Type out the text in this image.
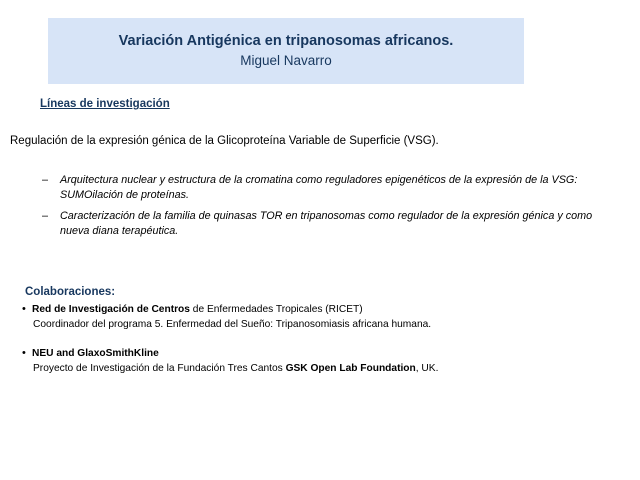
Variación Antigénica en tripanosomas africanos.
Miguel Navarro
Líneas de investigación
Regulación de la expresión génica de la Glicoproteína Variable de Superficie (VSG).
– Arquitectura nuclear y estructura de la cromatina como reguladores epigenéticos de la expresión de la VSG: SUMOilación de proteínas.
– Caracterización de la familia de quinasas TOR en tripanosomas como regulador de la expresión génica y como nueva diana terapéutica.
Colaboraciones:
• Red de Investigación de Centros de Enfermedades Tropicales (RICET)
Coordinador del programa 5. Enfermedad del Sueño: Tripanosomiasis africana humana.
• NEU and GlaxoSmithKline
Proyecto de Investigación de la Fundación Tres Cantos GSK Open Lab Foundation, UK.
